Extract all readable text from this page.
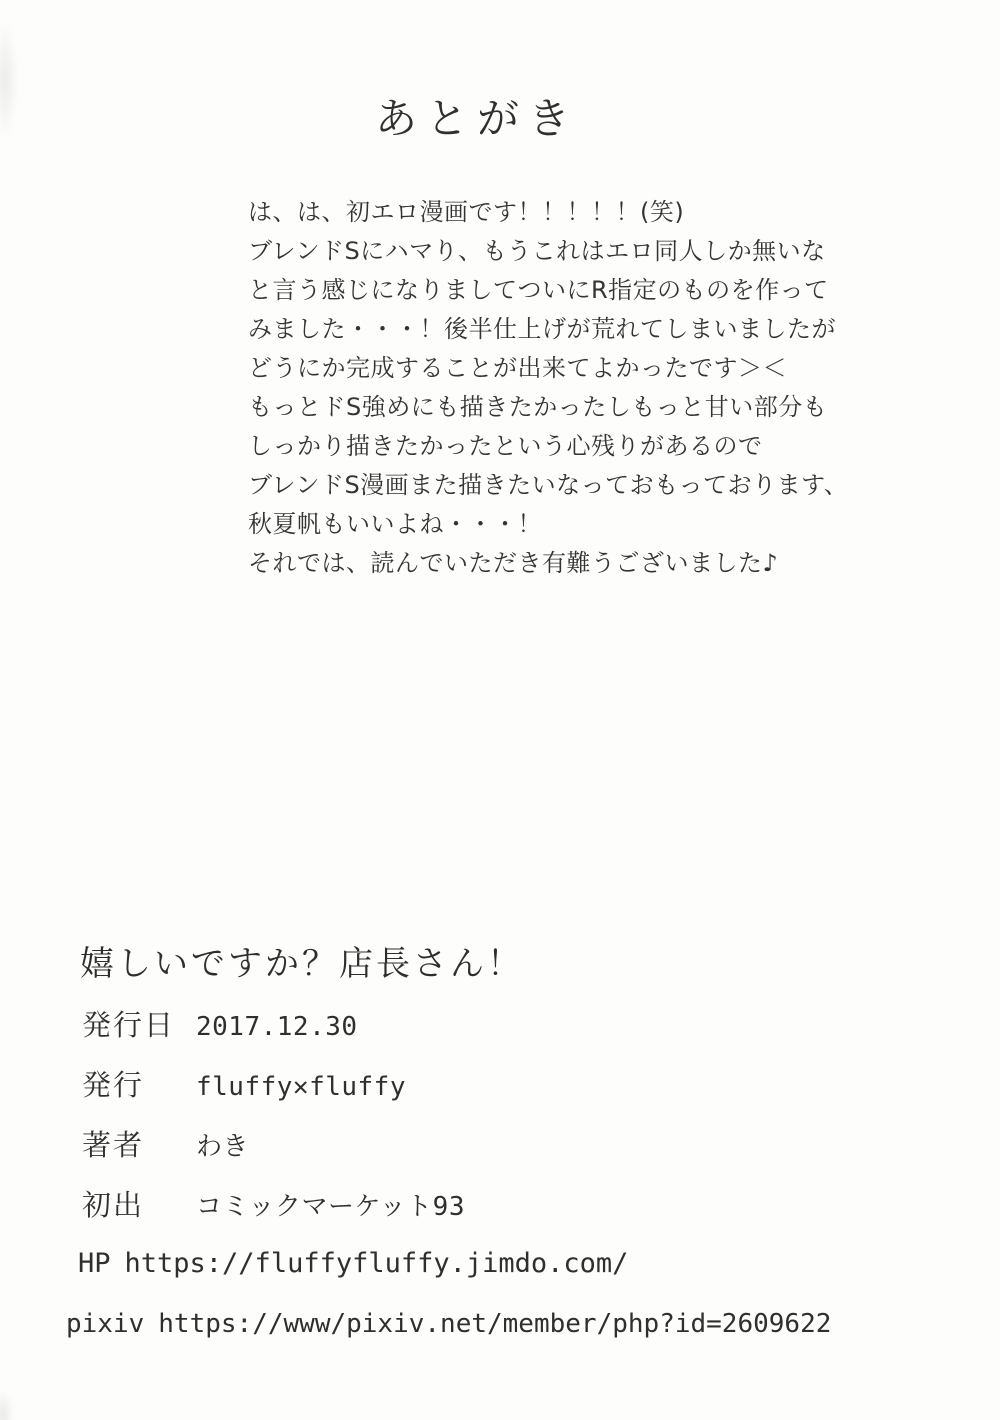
あとがき
は、は、初エロ漫画です！！！！！(笑)
ブレンドSにハマり、もうこれはエロ同人しか無いな
と言う感じになりましてついにR指定のものを作って
みました・・・！後半仕上げが荒れてしまいましたが
どうにか完成することが出来てよかったです＞＜
もっとドS強めにも描きたかったしもっと甘い部分も
しっかり描きたかったという心残りがあるので
ブレンドS漫画また描きたいなっておもっております、
秋夏帆もいいよね・・・！
それでは、読んでいただき有難うございました♪
嬉しいですか？店長さん！
発行日 2017.12.30
発行	fluffy✕fluffy
著者	わき
初出	コミックマーケット93
HP https://fluffyfluffy.jimdo.com/
pixiv https://www/pixiv.net/member/php?id=2609622
